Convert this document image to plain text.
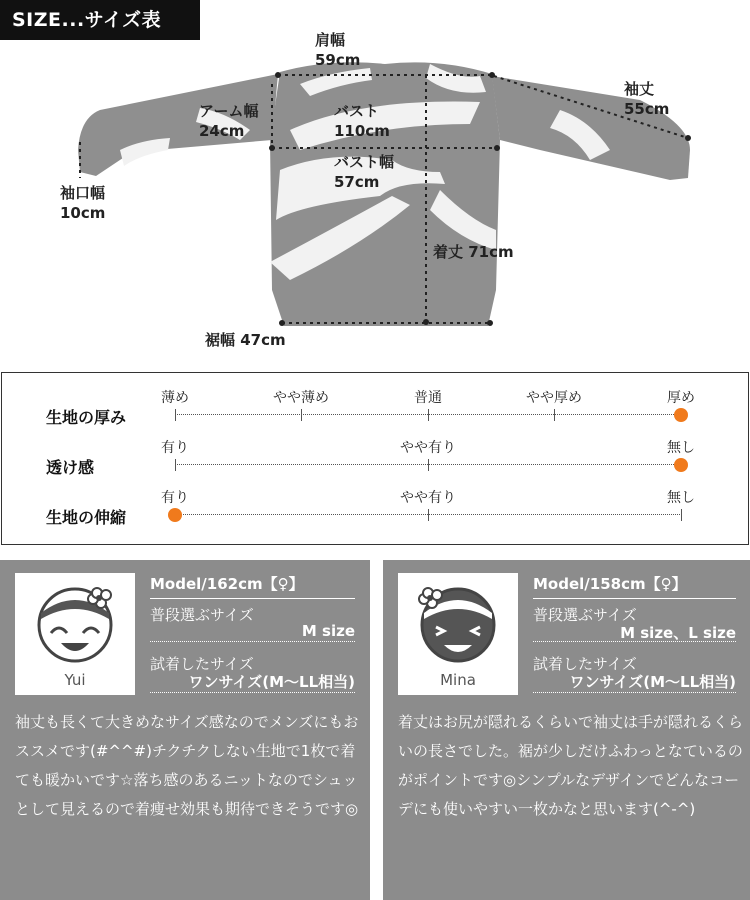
SIZE...サイズ表
肩幅
59cm
袖丈
55cm
アーム幅
24cm
バスト
110cm
バスト幅
57cm
袖口幅
10cm
着丈 71cm
裾幅 47cm
生地の厚み
薄め	やや薄め	普通	やや厚め	厚め
透け感
有り	やや有り	無し
生地の伸縮
有り	やや有り	無し
Yui
Model/162cm【♀】
普段選ぶサイズ
M size
試着したサイズ
ワンサイズ(M〜LL相当)
袖丈も長くて大きめなサイズ感なのでメンズにもおススメです(#^^#)チクチクしない生地で1枚で着ても暖かいです☆落ち感のあるニットなのでシュッとして見えるので着痩せ効果も期待できそうです◎
Mina
Model/158cm【♀】
普段選ぶサイズ
M size、L size
試着したサイズ
ワンサイズ(M〜LL相当)
着丈はお尻が隠れるくらいで袖丈は手が隠れるくらいの長さでした。裾が少しだけふわっとなているのがポイントです◎シンプルなデザインでどんなコーデにも使いやすい一枚かなと思います(^-^)
